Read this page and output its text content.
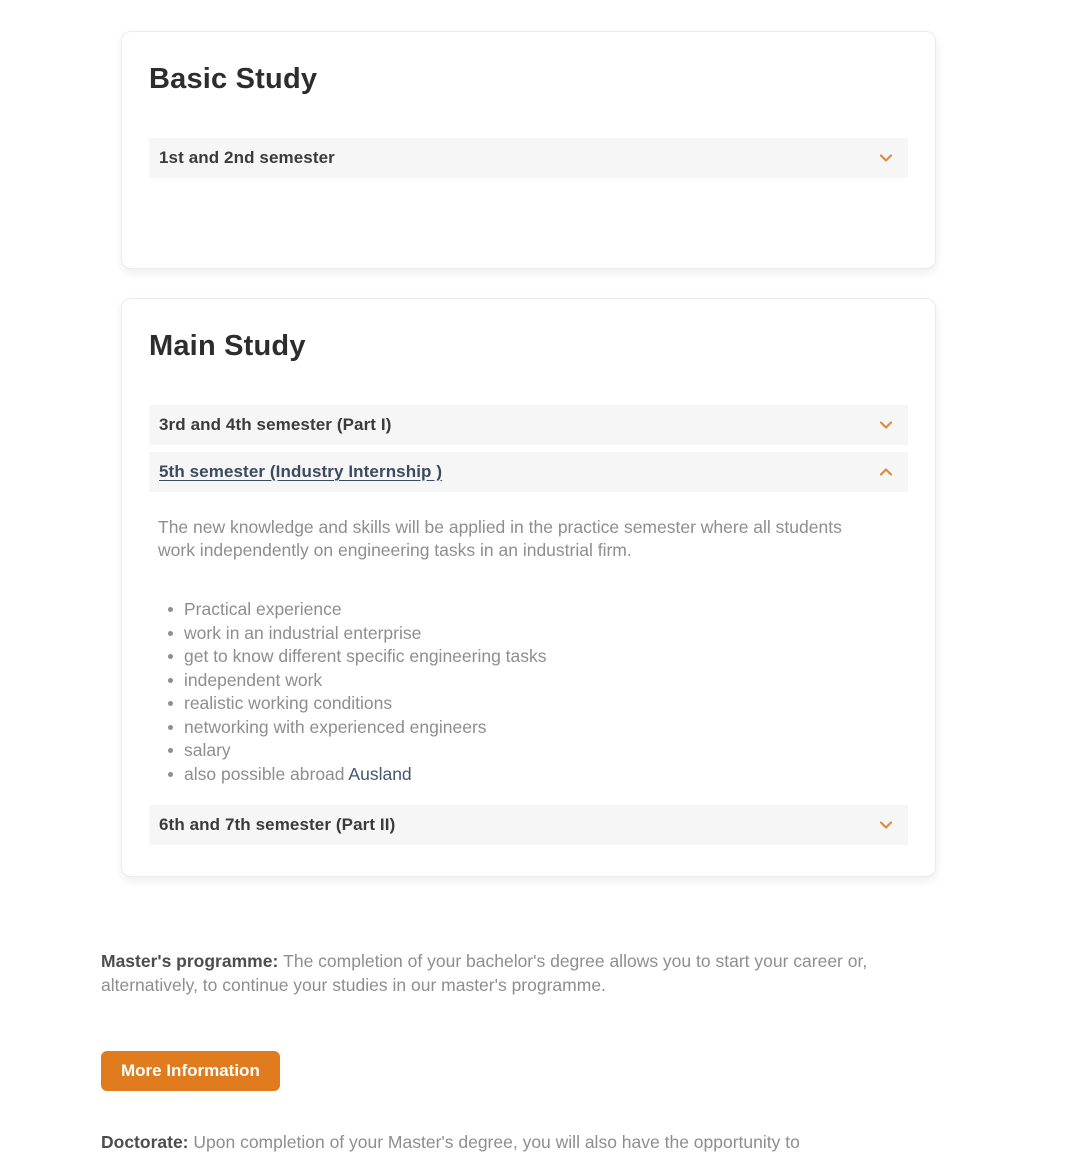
Basic Study
1st and 2nd semester
Main Study
3rd and 4th semester (Part I)
5th semester (Industry Internship )

The new knowledge and skills will be applied in the practice semester where all students work independently on engineering tasks in an industrial firm.

Practical experience
work in an industrial enterprise
get to know different specific engineering tasks
independent work
realistic working conditions
networking with experienced engineers
salary
also possible abroad Ausland
6th and 7th semester (Part II)

Master's programme: The completion of your bachelor's degree allows you to start your career or, alternatively, to continue your studies in our master's programme.

More Information

Doctorate: Upon completion of your Master's degree, you will also have the opportunity to
